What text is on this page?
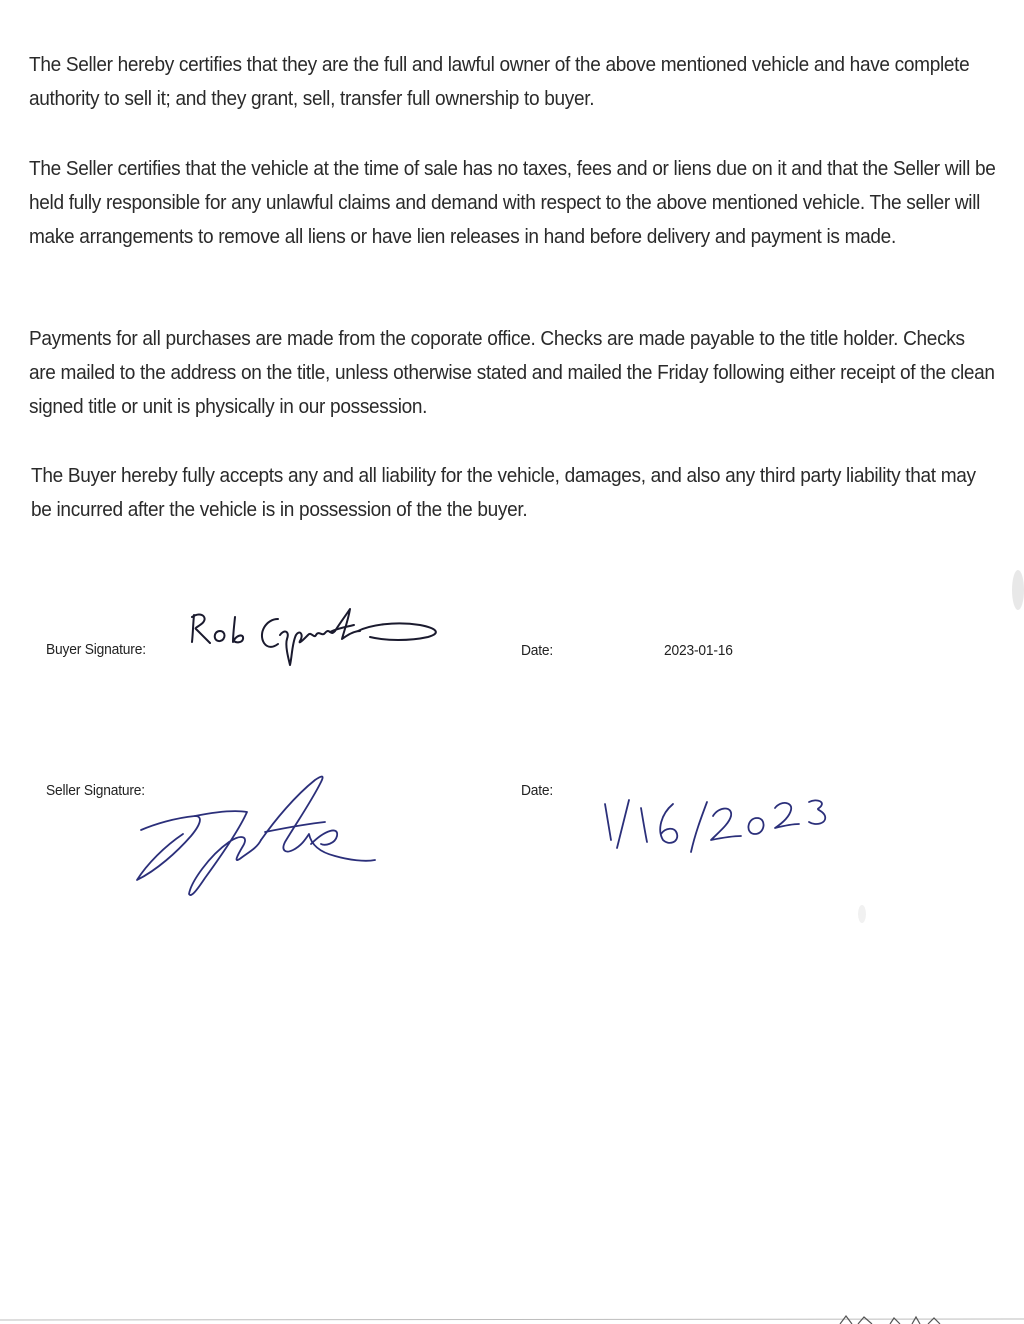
The Seller hereby certifies that they are the full and lawful owner of the above mentioned vehicle and have complete authority to sell it; and they grant, sell, transfer full ownership to buyer.

The Seller certifies that the vehicle at the time of sale has no taxes, fees and or liens due on it and that the Seller will be held fully responsible for any unlawful claims and demand with respect to the above mentioned vehicle. The seller will make arrangements to remove all liens or have lien releases in hand before delivery and payment is made.

Payments for all purchases are made from the coporate office. Checks are made payable to the title holder. Checks are mailed to the address on the title, unless otherwise stated and mailed the Friday following either receipt of the clean signed title or unit is physically in our possession.

The Buyer hereby fully accepts any and all liability for the vehicle, damages, and also any third party liability that may be incurred after the vehicle is in possession of the the buyer.

Buyer Signature:	Date:	2023-01-16
Seller Signature:	Date:
